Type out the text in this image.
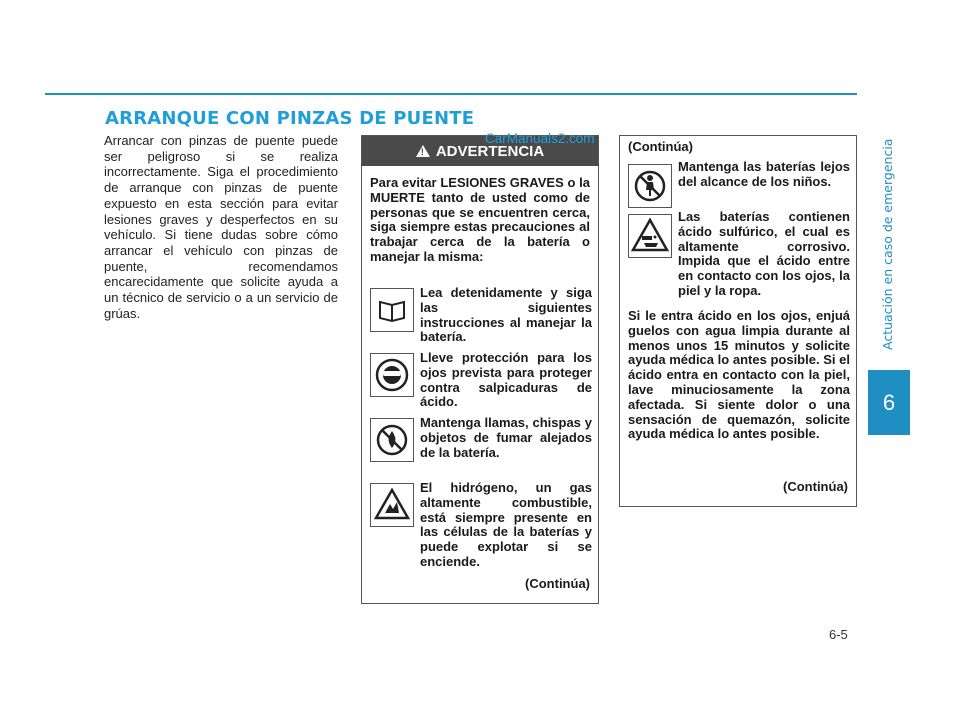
ARRANQUE CON PINZAS DE PUENTE
Arrancar con pinzas de puente puede ser peligroso si se realiza incorrectamente. Siga el procedimiento de arranque con pinzas de puente expuesto en esta sección para evitar lesiones graves y desperfectos en su vehículo. Si tiene dudas sobre cómo arrancar el vehículo con pinzas de puente, recomendamos encarecidamente que solicite ayuda a un técnico de servicio o a un servicio de grúas.
! ADVERTENCIA
Para evitar LESIONES GRAVES o la MUERTE tanto de usted como de personas que se encuentren cerca, siga siempre estas precauciones al trabajar cerca de la batería o manejar la misma:
Lea detenidamente y siga las siguientes instrucciones al manejar la batería.
Lleve protección para los ojos prevista para proteger contra salpicaduras de ácido.
Mantenga llamas, chispas y objetos de fumar alejados de la batería.
El hidrógeno, un gas altamente combustible, está siempre presente en las células de la baterías y puede explotar si se enciende.
(Continúa)
CarManuals2.com
(Continúa)
Mantenga las baterías lejos del alcance de los niños.
Las baterías contienen ácido sulfúrico, el cual es altamente corrosivo. Impida que el ácido entre en contacto con los ojos, la piel y la ropa.
Si le entra ácido en los ojos, enjuá guelos con agua limpia durante al menos unos 15 minutos y solicite ayuda médica lo antes posible. Si el ácido entra en contacto con la piel, lave minuciosamente la zona afectada. Si siente dolor o una sensación de quemazón, solicite ayuda médica lo antes posible.
(Continúa)
Actuación en caso de emergencia
6
6-5
